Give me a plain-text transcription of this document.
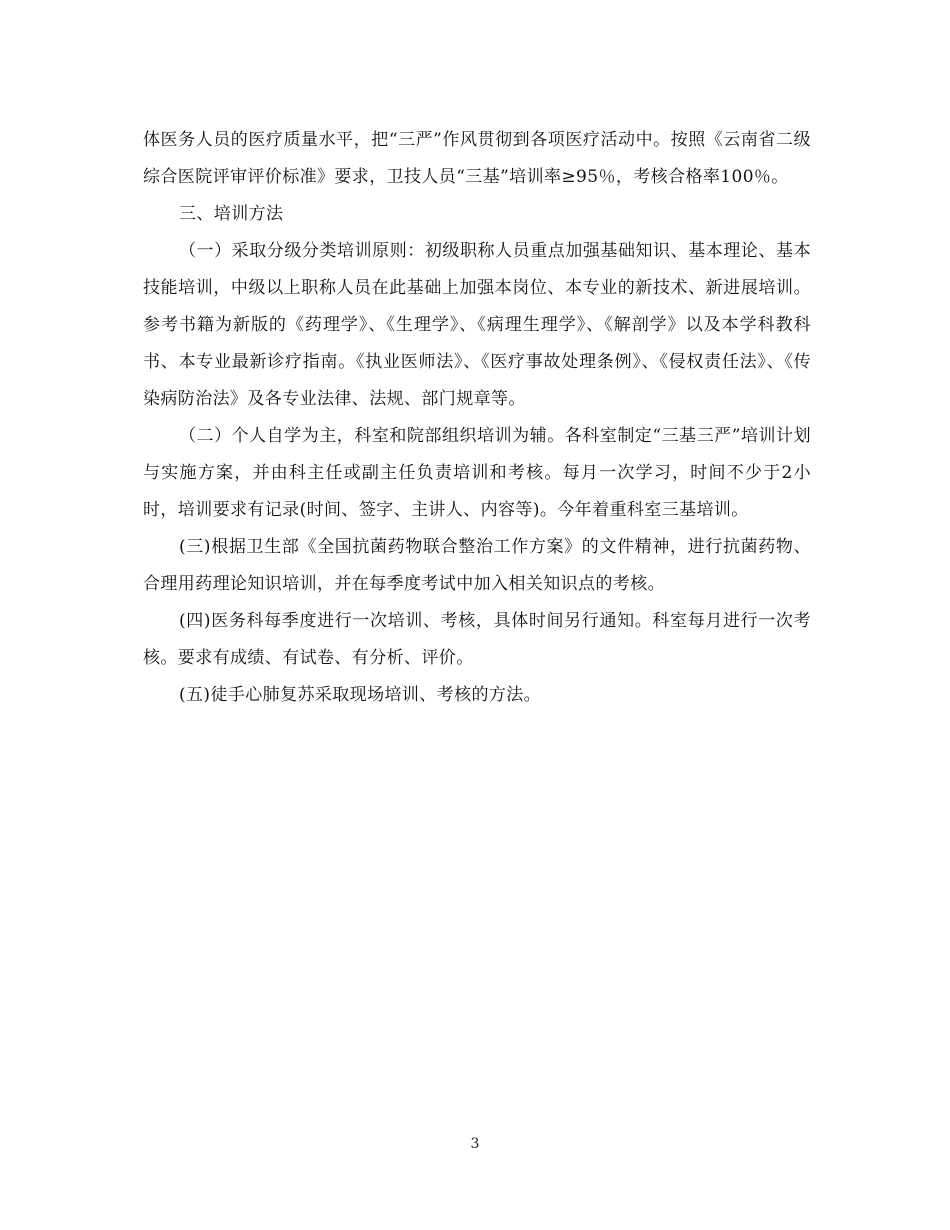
体医务人员的医疗质量水平，把“三严”作风贯彻到各项医疗活动中。按照《云南省二级综合医院评审评价标准》要求，卫技人员“三基”培训率≥95％，考核合格率100％。

三、培训方法

（一）采取分级分类培训原则：初级职称人员重点加强基础知识、基本理论、基本技能培训，中级以上职称人员在此基础上加强本岗位、本专业的新技术、新进展培训。参考书籍为新版的《药理学》、《生理学》、《病理生理学》、《解剖学》以及本学科教科书、本专业最新诊疗指南。《执业医师法》、《医疗事故处理条例》、《侵权责任法》、《传染病防治法》及各专业法律、法规、部门规章等。

（二）个人自学为主，科室和院部组织培训为辅。各科室制定“三基三严”培训计划与实施方案，并由科主任或副主任负责培训和考核。每月一次学习，时间不少于2小时，培训要求有记录(时间、签字、主讲人、内容等)。今年着重科室三基培训。

(三)根据卫生部《全国抗菌药物联合整治工作方案》的文件精神，进行抗菌药物、合理用药理论知识培训，并在每季度考试中加入相关知识点的考核。

(四)医务科每季度进行一次培训、考核，具体时间另行通知。科室每月进行一次考核。要求有成绩、有试卷、有分析、评价。

(五)徒手心肺复苏采取现场培训、考核的方法。

3
